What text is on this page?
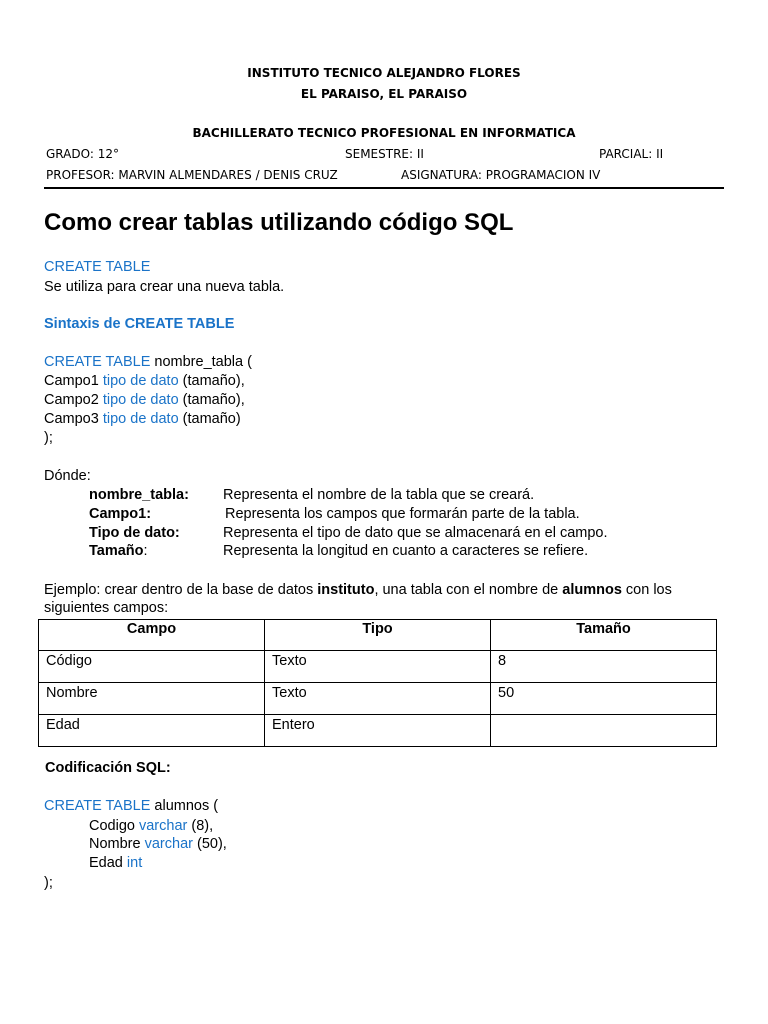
INSTITUTO TECNICO ALEJANDRO FLORES
EL PARAISO, EL PARAISO
BACHILLERATO TECNICO PROFESIONAL EN INFORMATICA
GRADO: 12°	SEMESTRE: II	PARCIAL: II
PROFESOR: MARVIN ALMENDARES / DENIS CRUZ	ASIGNATURA: PROGRAMACION IV
Como crear tablas utilizando código SQL
CREATE TABLE
Se utiliza para crear una nueva tabla.
Sintaxis de CREATE TABLE
CREATE TABLE nombre_tabla (
Campo1 tipo de dato (tamaño),
Campo2 tipo de dato (tamaño),
Campo3 tipo de dato (tamaño)
);
Dónde:
nombre_tabla: Representa el nombre de la tabla que se creará.
Campo1:	Representa los campos que formarán parte de la tabla.
Tipo de dato:	Representa el tipo de dato que se almacenará en el campo.
Tamaño:	Representa la longitud en cuanto a caracteres se refiere.
Ejemplo: crear dentro de la base de datos instituto, una tabla con el nombre de alumnos con los
siguientes campos:
Campo	Tipo	Tamaño
Código	Texto	8
Nombre	Texto	50
Edad	Entero	
Codificación SQL:
CREATE TABLE alumnos (
Codigo varchar (8),
Nombre varchar (50),
Edad int
);
